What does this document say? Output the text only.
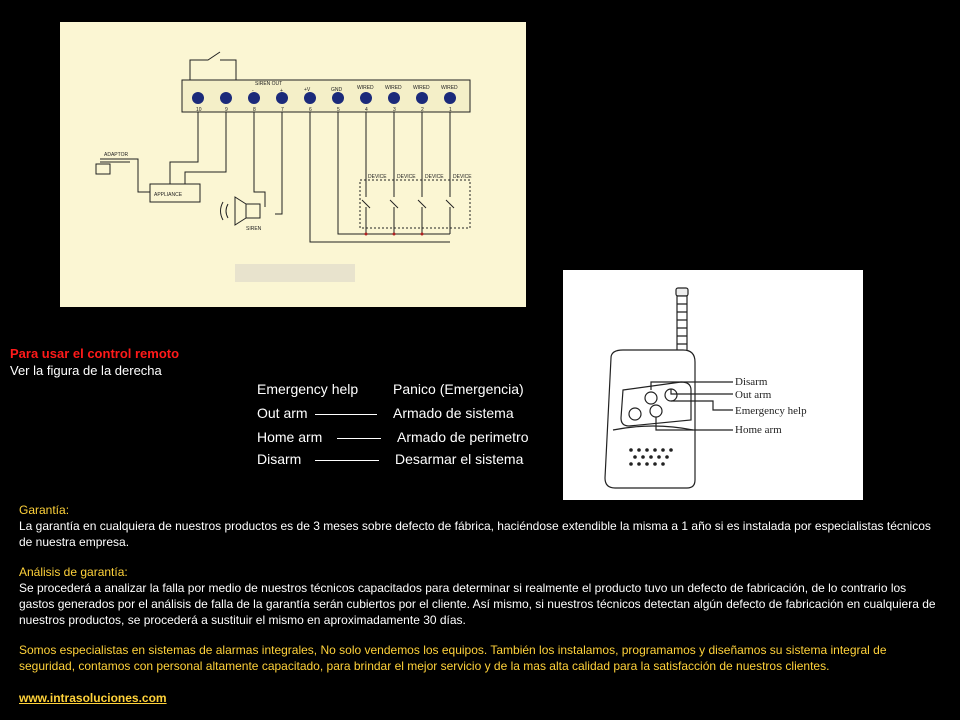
SIREN OUT
-	+	+V	GND	WIRED WIRED WIRED WIRED
10	9	8	7	6	5	4	3	2	1
ADAPTOR
APPLIANCE
SIREN
DEVICE DEVICE DEVICE DEVICE
Disarm
Out arm
Emergency help
Home arm
Para usar el control remoto
Ver la figura de la derecha
Emergency help Panico (Emergencia)
Out arm	Armado de sistema
Home arm	Armado de perimetro
Disarm	Desarmar el sistema
Garantía:
La garantía en cualquiera de nuestros productos es de 3 meses sobre defecto de fábrica, haciéndose extendible la misma a 1 año si es instalada por especialistas técnicos de nuestra empresa.
Análisis de garantía:
Se procederá a analizar la falla por medio de nuestros técnicos capacitados para determinar si realmente el producto tuvo un defecto de fabricación, de lo contrario los gastos generados por el análisis de falla de la garantía serán cubiertos por el cliente. Así mismo, si nuestros técnicos detectan algún defecto de fabricación en cualquiera de nuestros productos, se procederá a sustituir el mismo en aproximadamente 30 días.
Somos especialistas en sistemas de alarmas integrales, No solo vendemos los equipos. También los instalamos, programamos y diseñamos su sistema integral de seguridad, contamos con personal altamente capacitado, para brindar el mejor servicio y de la mas alta calidad para la satisfacción de nuestros clientes.
www.intrasoluciones.com
